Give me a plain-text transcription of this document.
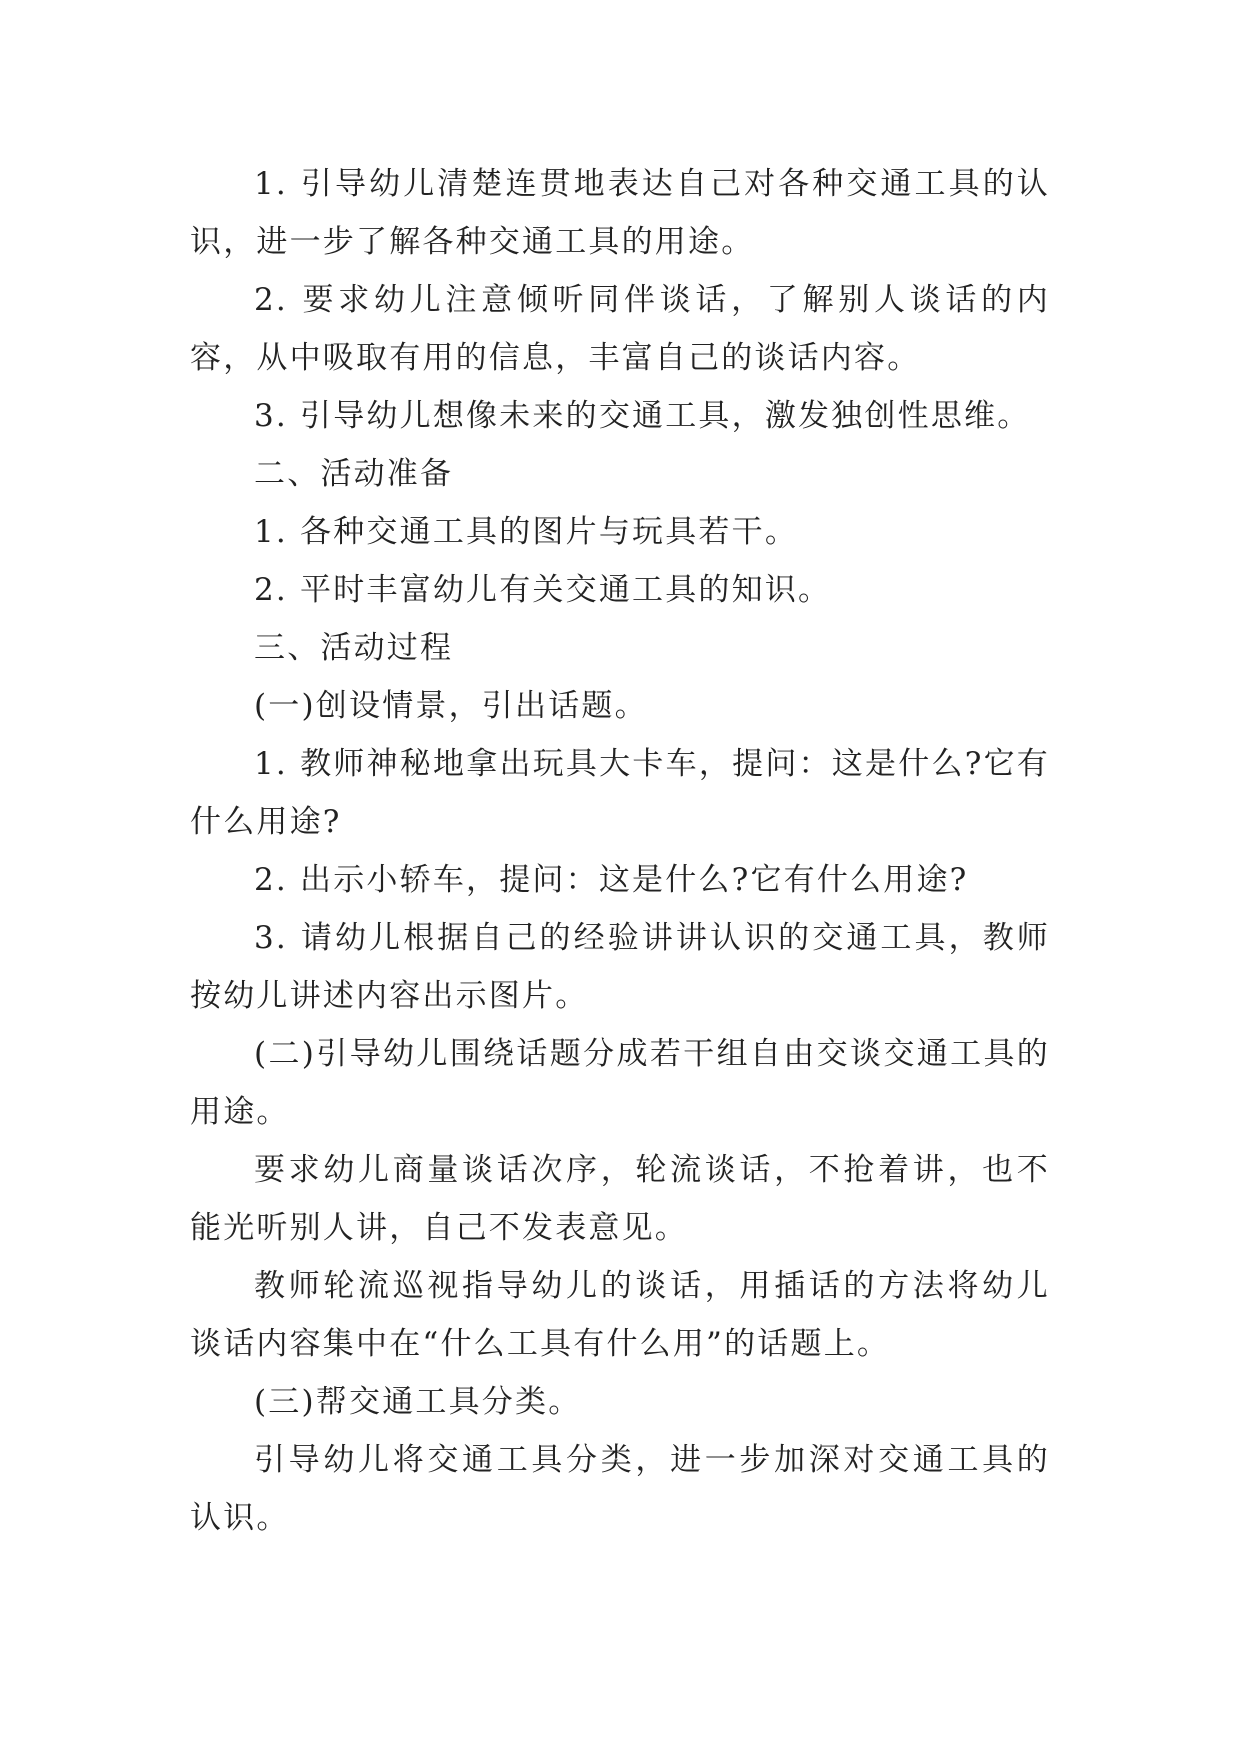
1. 引导幼儿清楚连贯地表达自己对各种交通工具的认识，进一步了解各种交通工具的用途。

2. 要求幼儿注意倾听同伴谈话，了解别人谈话的内容，从中吸取有用的信息，丰富自己的谈话内容。

3. 引导幼儿想像未来的交通工具，激发独创性思维。

二、活动准备

1. 各种交通工具的图片与玩具若干。

2. 平时丰富幼儿有关交通工具的知识。

三、活动过程

(一)创设情景，引出话题。

1. 教师神秘地拿出玩具大卡车，提问：这是什么?它有什么用途?

2. 出示小轿车，提问：这是什么?它有什么用途?

3. 请幼儿根据自己的经验讲讲认识的交通工具，教师按幼儿讲述内容出示图片。

(二)引导幼儿围绕话题分成若干组自由交谈交通工具的用途。

要求幼儿商量谈话次序，轮流谈话，不抢着讲，也不能光听别人讲，自己不发表意见。

教师轮流巡视指导幼儿的谈话，用插话的方法将幼儿谈话内容集中在“什么工具有什么用”的话题上。

(三)帮交通工具分类。

引导幼儿将交通工具分类，进一步加深对交通工具的认识。
